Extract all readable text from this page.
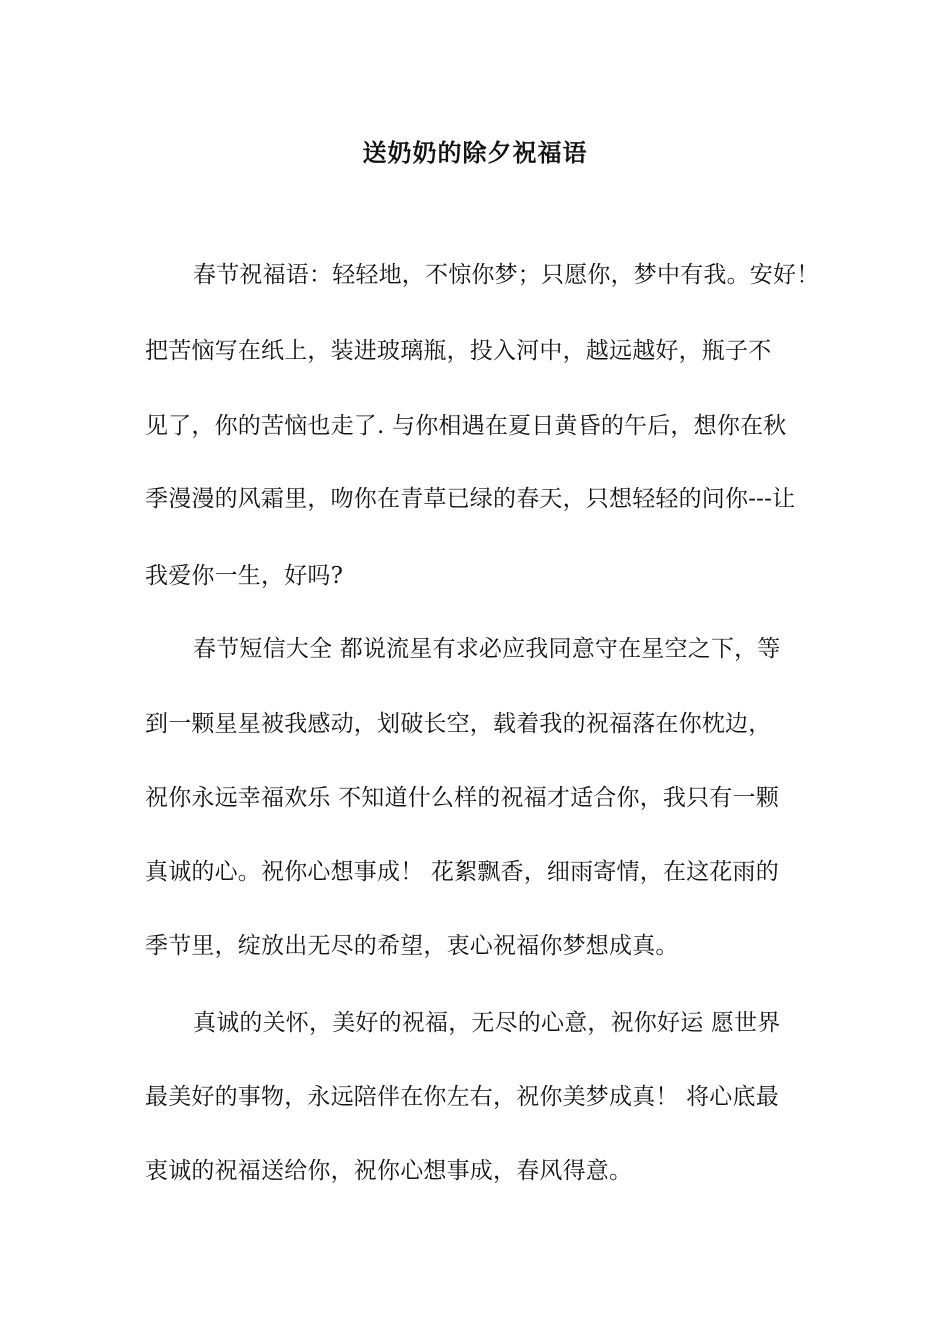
送奶奶的除夕祝福语
春节祝福语：轻轻地，不惊你梦；只愿你，梦中有我。安好！
把苦恼写在纸上，装进玻璃瓶，投入河中，越远越好，瓶子不
见了，你的苦恼也走了. 与你相遇在夏日黄昏的午后，想你在秋
季漫漫的风霜里，吻你在青草已绿的春天，只想轻轻的问你---让
我爱你一生，好吗?
春节短信大全 都说流星有求必应我同意守在星空之下，等
到一颗星星被我感动，划破长空，载着我的祝福落在你枕边，
祝你永远幸福欢乐 不知道什么样的祝福才适合你，我只有一颗
真诚的心。祝你心想事成！ 花絮飘香，细雨寄情，在这花雨的
季节里，绽放出无尽的希望，衷心祝福你梦想成真。
真诚的关怀，美好的祝福，无尽的心意，祝你好运 愿世界
最美好的事物，永远陪伴在你左右，祝你美梦成真！ 将心底最
衷诚的祝福送给你，祝你心想事成，春风得意。
